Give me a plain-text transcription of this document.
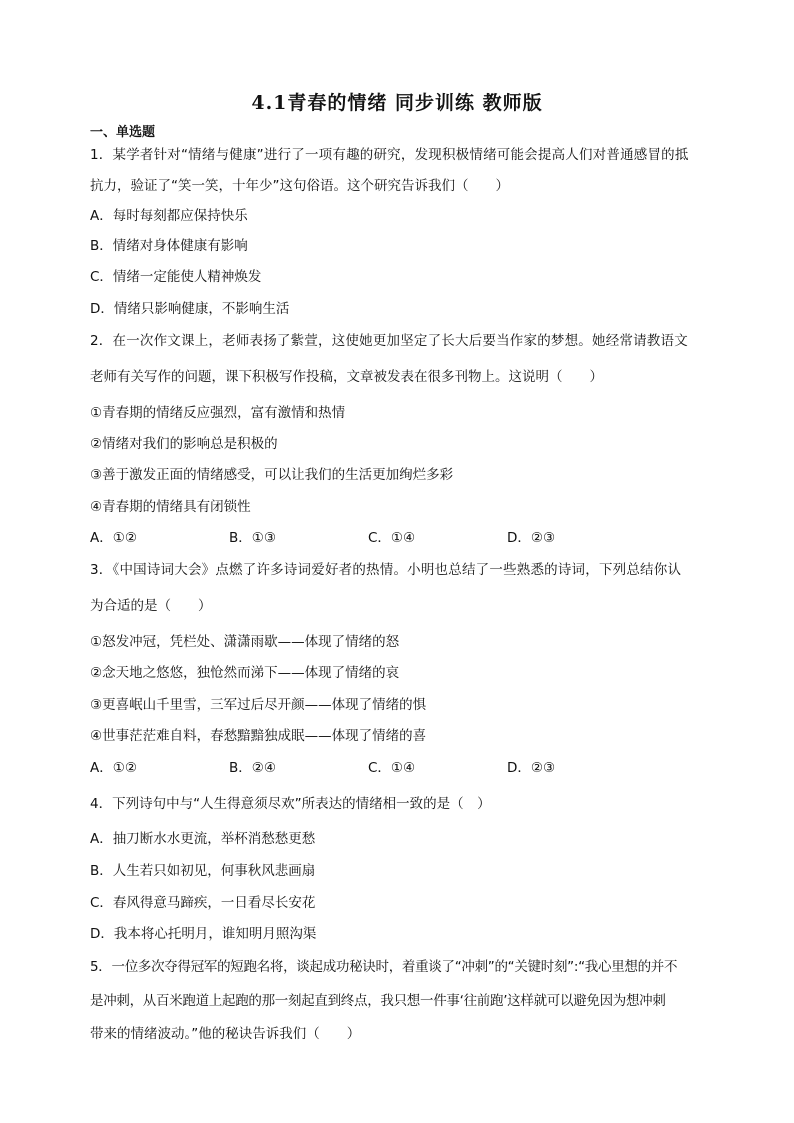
4.1青春的情绪 同步训练 教师版
一、单选题
1．某学者针对“情绪与健康”进行了一项有趣的研究，发现积极情绪可能会提高人们对普通感冒的抵
抗力，验证了“笑一笑，十年少”这句俗语。这个研究告诉我们（　　）
A．每时每刻都应保持快乐
B．情绪对身体健康有影响
C．情绪一定能使人精神焕发
D．情绪只影响健康，不影响生活
2．在一次作文课上，老师表扬了紫萱，这使她更加坚定了长大后要当作家的梦想。她经常请教语文
老师有关写作的问题，课下积极写作投稿，文章被发表在很多刊物上。这说明（　　）
①青春期的情绪反应强烈，富有激情和热情
②情绪对我们的影响总是积极的
③善于激发正面的情绪感受，可以让我们的生活更加绚烂多彩
④青春期的情绪具有闭锁性
A．①②	B．①③	C．①④	D．②③
3．《中国诗词大会》点燃了许多诗词爱好者的热情。小明也总结了一些熟悉的诗词，下列总结你认
为合适的是（　　）
①怒发冲冠，凭栏处、潇潇雨歇——体现了情绪的怒
②念天地之悠悠，独怆然而涕下——体现了情绪的哀
③更喜岷山千里雪，三军过后尽开颜——体现了情绪的惧
④世事茫茫难自料，春愁黯黯独成眠——体现了情绪的喜
A．①②	B．②④	C．①④	D．②③
4．下列诗句中与“人生得意须尽欢”所表达的情绪相一致的是（　）
A．抽刀断水水更流，举杯消愁愁更愁
B．人生若只如初见，何事秋风悲画扇
C．春风得意马蹄疾，一日看尽长安花
D．我本将心托明月，谁知明月照沟渠
5．一位多次夺得冠军的短跑名将，谈起成功秘诀时，着重谈了“冲刺”的“关键时刻”:“我心里想的并不
是冲刺，从百米跑道上起跑的那一刻起直到终点，我只想一件事‘往前跑’这样就可以避免因为想冲刺
带来的情绪波动。”他的秘诀告诉我们（　　）
